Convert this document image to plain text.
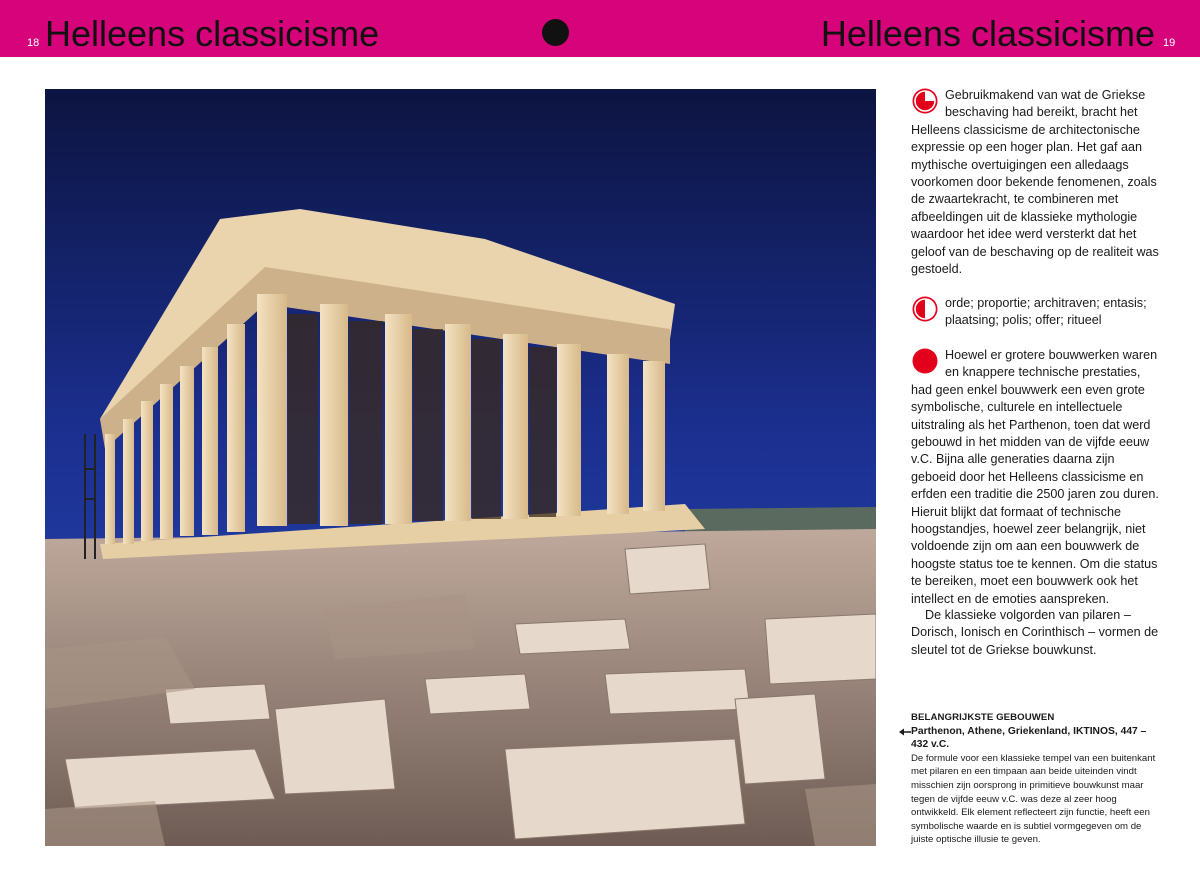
18 Helleens classicisme	Helleens classicisme 19

Gebruikmakend van wat de Griekse beschaving had bereikt, bracht het Helleens classicisme de architectonische expressie op een hoger plan. Het gaf aan mythische overtuigingen een alledaags voorkomen door bekende fenomenen, zoals de zwaartekracht, te combineren met afbeeldingen uit de klassieke mythologie waardoor het idee werd versterkt dat het geloof van de beschaving op de realiteit was gestoeld.

orde; proportie; architraven; entasis; plaatsing; polis; offer; ritueel

Hoewel er grotere bouwwerken waren en knappere technische prestaties, had geen enkel bouwwerk een even grote symbolische, culturele en intellectuele uitstraling als het Parthenon, toen dat werd gebouwd in het midden van de vijfde eeuw v.C. Bijna alle generaties daarna zijn geboeid door het Helleens classicisme en erfden een traditie die 2500 jaren zou duren. Hieruit blijkt dat formaat of technische hoogstandjes, hoewel zeer belangrijk, niet voldoende zijn om aan een bouwwerk de hoogste status toe te kennen. Om die status te bereiken, moet een bouwwerk ook het intellect en de emoties aanspreken.

De klassieke volgorden van pilaren – Dorisch, Ionisch en Corinthisch – vormen de sleutel tot de Griekse bouwkunst.

BELANGRIJKSTE GEBOUWEN
Parthenon, Athene, Griekenland, IKTINOS, 447 – 432 v.C.
De formule voor een klassieke tempel van een buitenkant met pilaren en een timpaan aan beide uiteinden vindt misschien zijn oorsprong in primitieve bouwkunst maar tegen de vijfde eeuw v.C. was deze al zeer hoog ontwikkeld. Elk element reflecteert zijn functie, heeft een symbolische waarde en is subtiel vormgegeven om de juiste optische illusie te geven.
